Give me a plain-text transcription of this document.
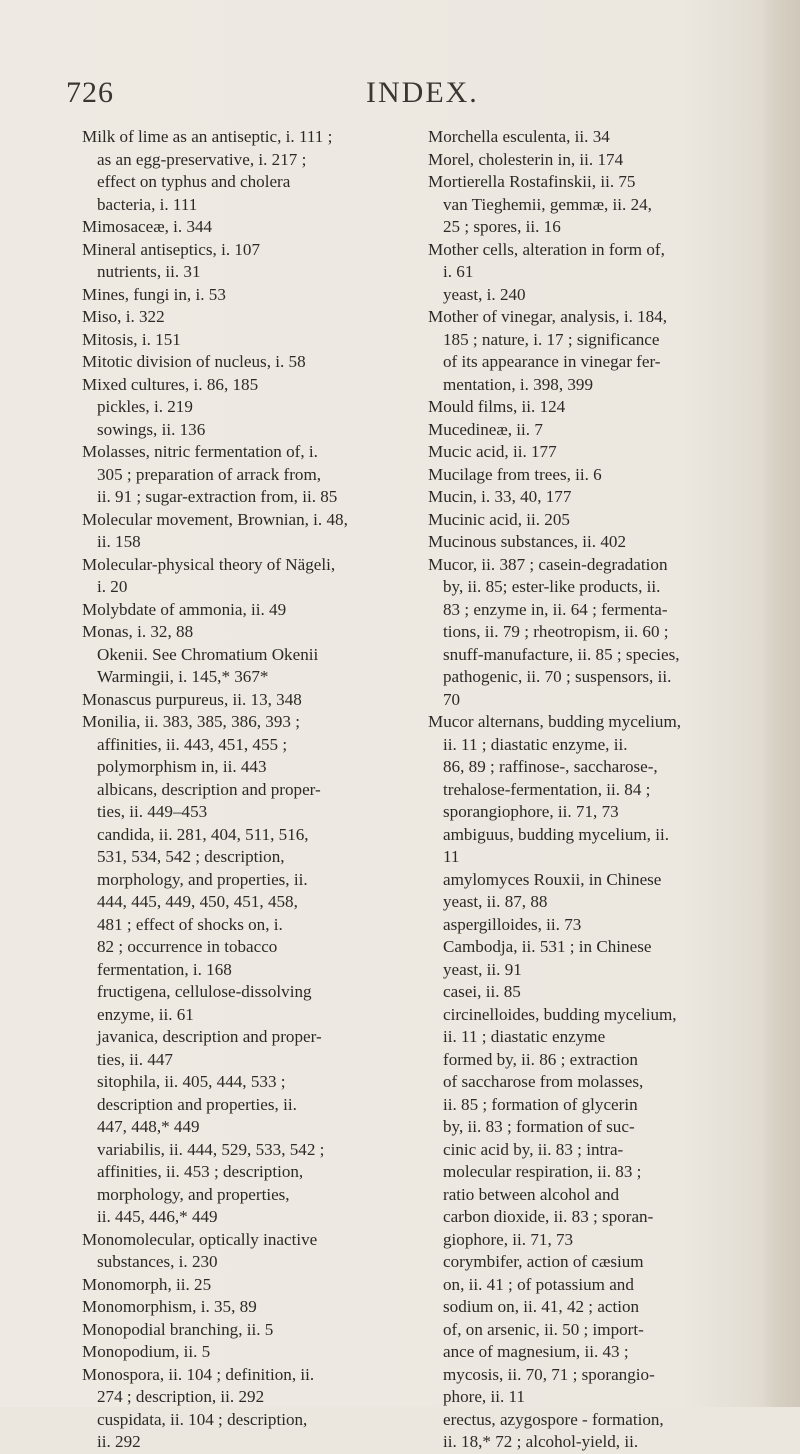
726	INDEX.
Milk of lime as an antiseptic, i. 111 ;
as an egg-preservative, i. 217 ;
effect on typhus and cholera
bacteria, i. 111
Mimosaceæ, i. 344
Mineral antiseptics, i. 107
nutrients, ii. 31
Mines, fungi in, i. 53
Miso, i. 322
Mitosis, i. 151
Mitotic division of nucleus, i. 58
Mixed cultures, i. 86, 185
pickles, i. 219
sowings, ii. 136
Molasses, nitric fermentation of, i.
305 ; preparation of arrack from,
ii. 91 ; sugar-extraction from, ii. 85
Molecular movement, Brownian, i. 48,
ii. 158
Molecular-physical theory of Nägeli,
i. 20
Molybdate of ammonia, ii. 49
Monas, i. 32, 88
Okenii. See Chromatium Okenii
Warmingii, i. 145,* 367*
Monascus purpureus, ii. 13, 348
Monilia, ii. 383, 385, 386, 393 ;
affinities, ii. 443, 451, 455 ;
polymorphism in, ii. 443
albicans, description and proper-
ties, ii. 449–453
candida, ii. 281, 404, 511, 516,
531, 534, 542 ; description,
morphology, and properties, ii.
444, 445, 449, 450, 451, 458,
481 ; effect of shocks on, i.
82 ; occurrence in tobacco
fermentation, i. 168
fructigena, cellulose-dissolving
enzyme, ii. 61
javanica, description and proper-
ties, ii. 447
sitophila, ii. 405, 444, 533 ;
description and properties, ii.
447, 448,* 449
variabilis, ii. 444, 529, 533, 542 ;
affinities, ii. 453 ; description,
morphology, and properties,
ii. 445, 446,* 449
Monomolecular, optically inactive
substances, i. 230
Monomorph, ii. 25
Monomorphism, i. 35, 89
Monopodial branching, ii. 5
Monopodium, ii. 5
Monospora, ii. 104 ; definition, ii.
274 ; description, ii. 292
cuspidata, ii. 104 ; description,
ii. 292
Morchella esculenta, ii. 34
Morel, cholesterin in, ii. 174
Mortierella Rostafinskii, ii. 75
van Tieghemii, gemmæ, ii. 24,
25 ; spores, ii. 16
Mother cells, alteration in form of,
i. 61
yeast, i. 240
Mother of vinegar, analysis, i. 184,
185 ; nature, i. 17 ; significance
of its appearance in vinegar fer-
mentation, i. 398, 399
Mould films, ii. 124
Mucedineæ, ii. 7
Mucic acid, ii. 177
Mucilage from trees, ii. 6
Mucin, i. 33, 40, 177
Mucinic acid, ii. 205
Mucinous substances, ii. 402
Mucor, ii. 387 ; casein-degradation
by, ii. 85; ester-like products, ii.
83 ; enzyme in, ii. 64 ; fermenta-
tions, ii. 79 ; rheotropism, ii. 60 ;
snuff-manufacture, ii. 85 ; species,
pathogenic, ii. 70 ; suspensors, ii.
70
Mucor alternans, budding mycelium,
ii. 11 ; diastatic enzyme, ii.
86, 89 ; raffinose-, saccharose-,
trehalose-fermentation, ii. 84 ;
sporangiophore, ii. 71, 73
ambiguus, budding mycelium, ii.
11
amylomyces Rouxii, in Chinese
yeast, ii. 87, 88
aspergilloides, ii. 73
Cambodja, ii. 531 ; in Chinese
yeast, ii. 91
casei, ii. 85
circinelloides, budding mycelium,
ii. 11 ; diastatic enzyme
formed by, ii. 86 ; extraction
of saccharose from molasses,
ii. 85 ; formation of glycerin
by, ii. 83 ; formation of suc-
cinic acid by, ii. 83 ; intra-
molecular respiration, ii. 83 ;
ratio between alcohol and
carbon dioxide, ii. 83 ; sporan-
giophore, ii. 71, 73
corymbifer, action of cæsium
on, ii. 41 ; of potassium and
sodium on, ii. 41, 42 ; action
of, on arsenic, ii. 50 ; import-
ance of magnesium, ii. 43 ;
mycosis, ii. 70, 71 ; sporangio-
phore, ii. 11
erectus, azygospore - formation,
ii. 18,* 72 ; alcohol-yield, ii.
